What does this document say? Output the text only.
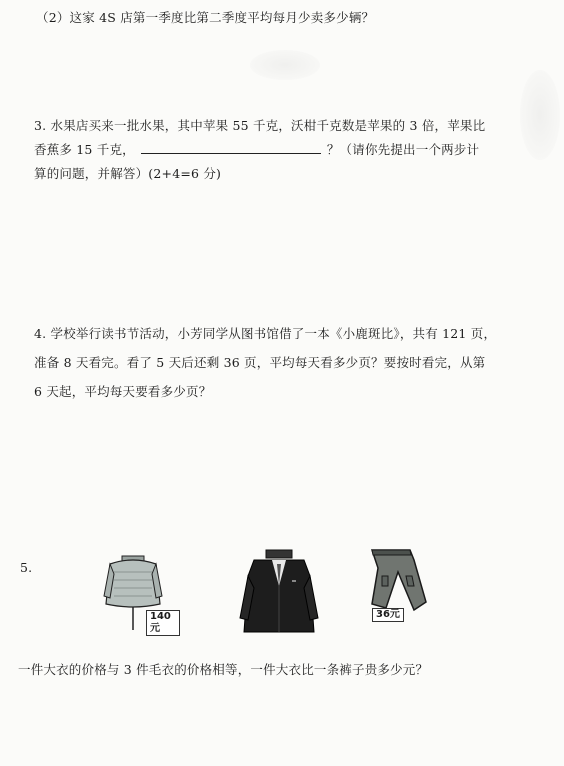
（2）这家 4S 店第一季度比第二季度平均每月少卖多少辆？
3. 水果店买来一批水果，其中苹果 55 千克，沃柑千克数是苹果的 3 倍，苹果比
香蕉多 15 千克，	？（请你先提出一个两步计
算的问题，并解答）(2+4=6 分)
4. 学校举行读书节活动，小芳同学从图书馆借了一本《小鹿斑比》，共有 121 页，
准备 8 天看完。看了 5 天后还剩 36 页，平均每天看多少页？要按时看完，从第
6 天起，平均每天要看多少页？
5.
140元
36元
一件大衣的价格与 3 件毛衣的价格相等，一件大衣比一条裤子贵多少元？
